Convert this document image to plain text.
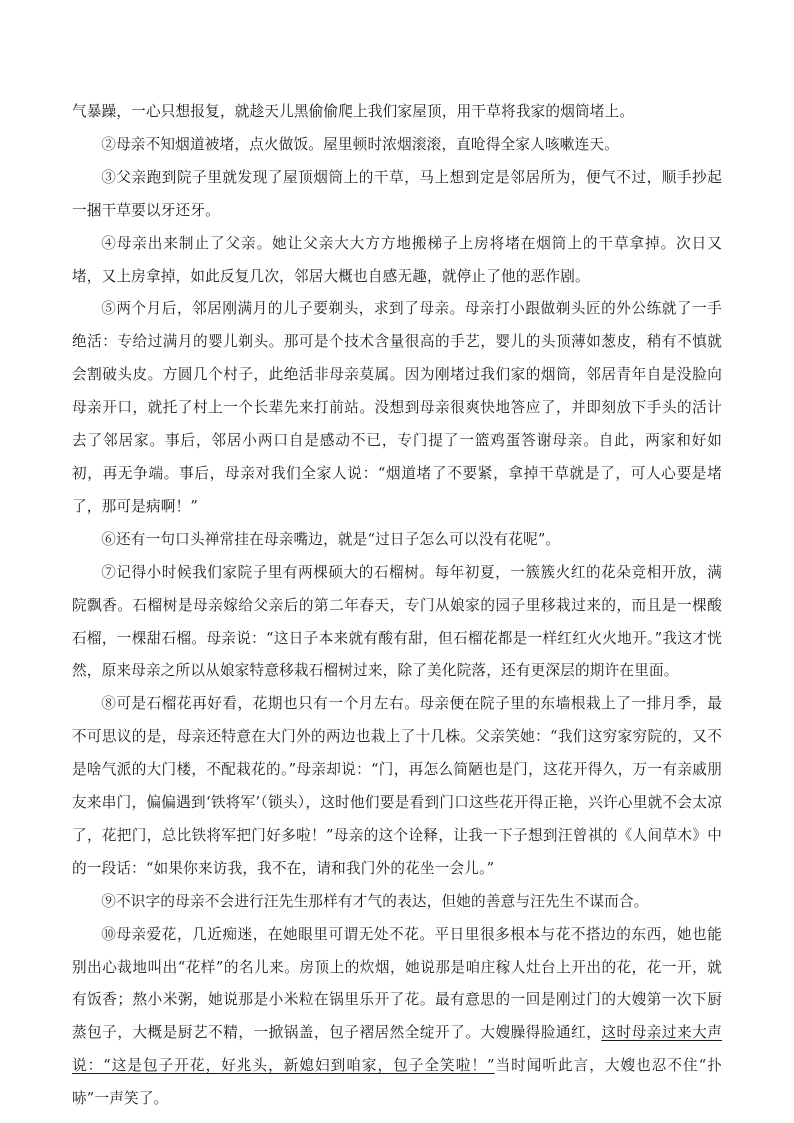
气暴躁，一心只想报复，就趁天儿黑偷偷爬上我们家屋顶，用干草将我家的烟筒堵上。

②母亲不知烟道被堵，点火做饭。屋里顿时浓烟滚滚，直呛得全家人咳嗽连天。

③父亲跑到院子里就发现了屋顶烟筒上的干草，马上想到定是邻居所为，便气不过，顺手抄起一捆干草要以牙还牙。

④母亲出来制止了父亲。她让父亲大大方方地搬梯子上房将堵在烟筒上的干草拿掉。次日又堵，又上房拿掉，如此反复几次，邻居大概也自感无趣，就停止了他的恶作剧。

⑤两个月后，邻居刚满月的儿子要剃头，求到了母亲。母亲打小跟做剃头匠的外公练就了一手绝活：专给过满月的婴儿剃头。那可是个技术含量很高的手艺，婴儿的头顶薄如葱皮，稍有不慎就会割破头皮。方圆几个村子，此绝活非母亲莫属。因为刚堵过我们家的烟筒，邻居青年自是没脸向母亲开口，就托了村上一个长辈先来打前站。没想到母亲很爽快地答应了，并即刻放下手头的活计去了邻居家。事后，邻居小两口自是感动不已，专门提了一篮鸡蛋答谢母亲。自此，两家和好如初，再无争端。事后，母亲对我们全家人说：“烟道堵了不要紧，拿掉干草就是了，可人心要是堵了，那可是病啊！”

⑥还有一句口头禅常挂在母亲嘴边，就是“过日子怎么可以没有花呢”。

⑦记得小时候我们家院子里有两棵硕大的石榴树。每年初夏，一簇簇火红的花朵竞相开放，满院飘香。石榴树是母亲嫁给父亲后的第二年春天，专门从娘家的园子里移栽过来的，而且是一棵酸石榴，一棵甜石榴。母亲说：“这日子本来就有酸有甜，但石榴花都是一样红红火火地开。”我这才恍然，原来母亲之所以从娘家特意移栽石榴树过来，除了美化院落，还有更深层的期许在里面。

⑧可是石榴花再好看，花期也只有一个月左右。母亲便在院子里的东墙根栽上了一排月季，最不可思议的是，母亲还特意在大门外的两边也栽上了十几株。父亲笑她：“我们这穷家穷院的，又不是啥气派的大门楼，不配栽花的。”母亲却说：“门，再怎么简陋也是门，这花开得久，万一有亲戚朋友来串门，偏偏遇到‘铁将军’（锁头），这时他们要是看到门口这些花开得正艳，兴许心里就不会太凉了，花把门，总比铁将军把门好多啦！”母亲的这个诠释，让我一下子想到汪曾祺的《人间草木》中的一段话：“如果你来访我，我不在，请和我门外的花坐一会儿。”

⑨不识字的母亲不会进行汪先生那样有才气的表达，但她的善意与汪先生不谋而合。

⑩母亲爱花，几近痴迷，在她眼里可谓无处不花。平日里很多根本与花不搭边的东西，她也能别出心裁地叫出“花样”的名儿来。房顶上的炊烟，她说那是咱庄稼人灶台上开出的花，花一开，就有饭香；熬小米粥，她说那是小米粒在锅里乐开了花。最有意思的一回是刚过门的大嫂第一次下厨蒸包子，大概是厨艺不精，一掀锅盖，包子褶居然全绽开了。大嫂臊得脸通红，这时母亲过来大声说：“这是包子开花，好兆头，新媳妇到咱家，包子全笑啦！”当时闻听此言，大嫂也忍不住“扑哧”一声笑了。
